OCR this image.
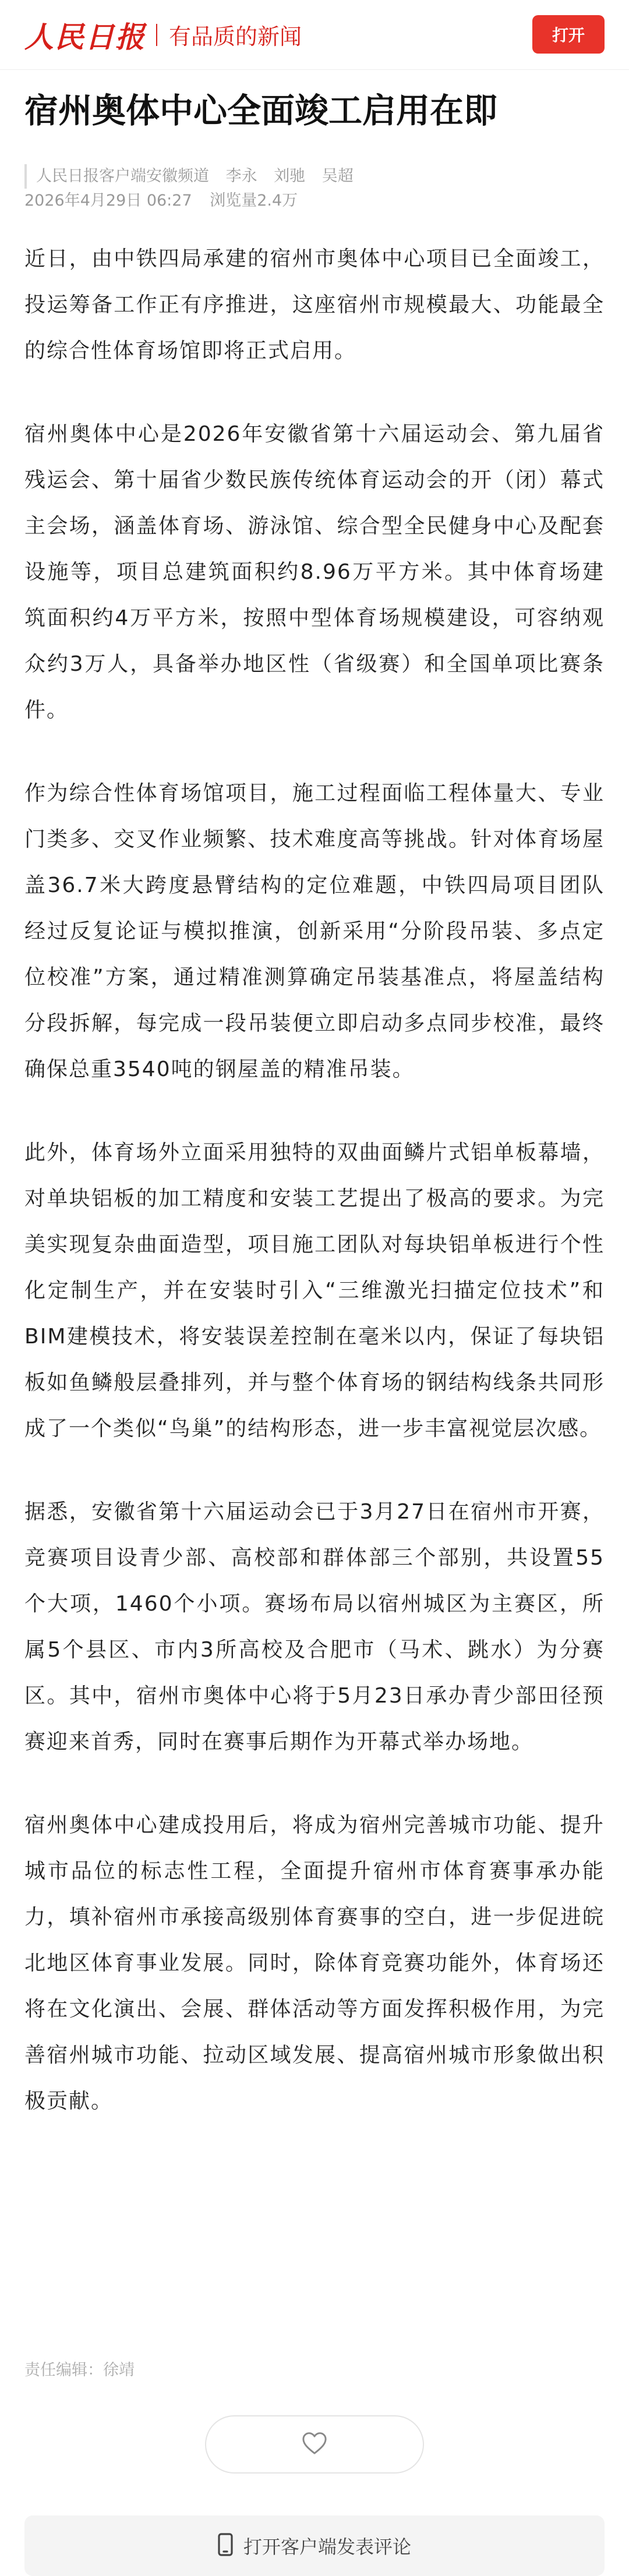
人民日报 有品质的新闻	打开
宿州奥体中心全面竣工启用在即
人民日报客户端安徽频道 李永 刘驰 吴超
2026年4月29日 06:27 浏览量2.4万

近日，由中铁四局承建的宿州市奥体中心项目已全面竣工，投运筹备工作正有序推进，这座宿州市规模最大、功能最全的综合性体育场馆即将正式启用。

宿州奥体中心是2026年安徽省第十六届运动会、第九届省残运会、第十届省少数民族传统体育运动会的开（闭）幕式主会场，涵盖体育场、游泳馆、综合型全民健身中心及配套设施等，项目总建筑面积约8.96万平方米。其中体育场建筑面积约4万平方米，按照中型体育场规模建设，可容纳观众约3万人，具备举办地区性（省级赛）和全国单项比赛条件。

作为综合性体育场馆项目，施工过程面临工程体量大、专业门类多、交叉作业频繁、技术难度高等挑战。针对体育场屋盖36.7米大跨度悬臂结构的定位难题，中铁四局项目团队经过反复论证与模拟推演，创新采用“分阶段吊装、多点定位校准”方案，通过精准测算确定吊装基准点，将屋盖结构分段拆解，每完成一段吊装便立即启动多点同步校准，最终确保总重3540吨的钢屋盖的精准吊装。

此外，体育场外立面采用独特的双曲面鳞片式铝单板幕墙，对单块铝板的加工精度和安装工艺提出了极高的要求。为完美实现复杂曲面造型，项目施工团队对每块铝单板进行个性化定制生产，并在安装时引入“三维激光扫描定位技术”和BIM建模技术，将安装误差控制在毫米以内，保证了每块铝板如鱼鳞般层叠排列，并与整个体育场的钢结构线条共同形成了一个类似“鸟巢”的结构形态，进一步丰富视觉层次感。

据悉，安徽省第十六届运动会已于3月27日在宿州市开赛，竞赛项目设青少部、高校部和群体部三个部别，共设置55个大项，1460个小项。赛场布局以宿州城区为主赛区，所属5个县区、市内3所高校及合肥市（马术、跳水）为分赛区。其中，宿州市奥体中心将于5月23日承办青少部田径预赛迎来首秀，同时在赛事后期作为开幕式举办场地。

宿州奥体中心建成投用后，将成为宿州完善城市功能、提升城市品位的标志性工程，全面提升宿州市体育赛事承办能力，填补宿州市承接高级别体育赛事的空白，进一步促进皖北地区体育事业发展。同时，除体育竞赛功能外，体育场还将在文化演出、会展、群体活动等方面发挥积极作用，为完善宿州城市功能、拉动区域发展、提高宿州城市形象做出积极贡献。

责任编辑：徐靖
打开客户端发表评论
